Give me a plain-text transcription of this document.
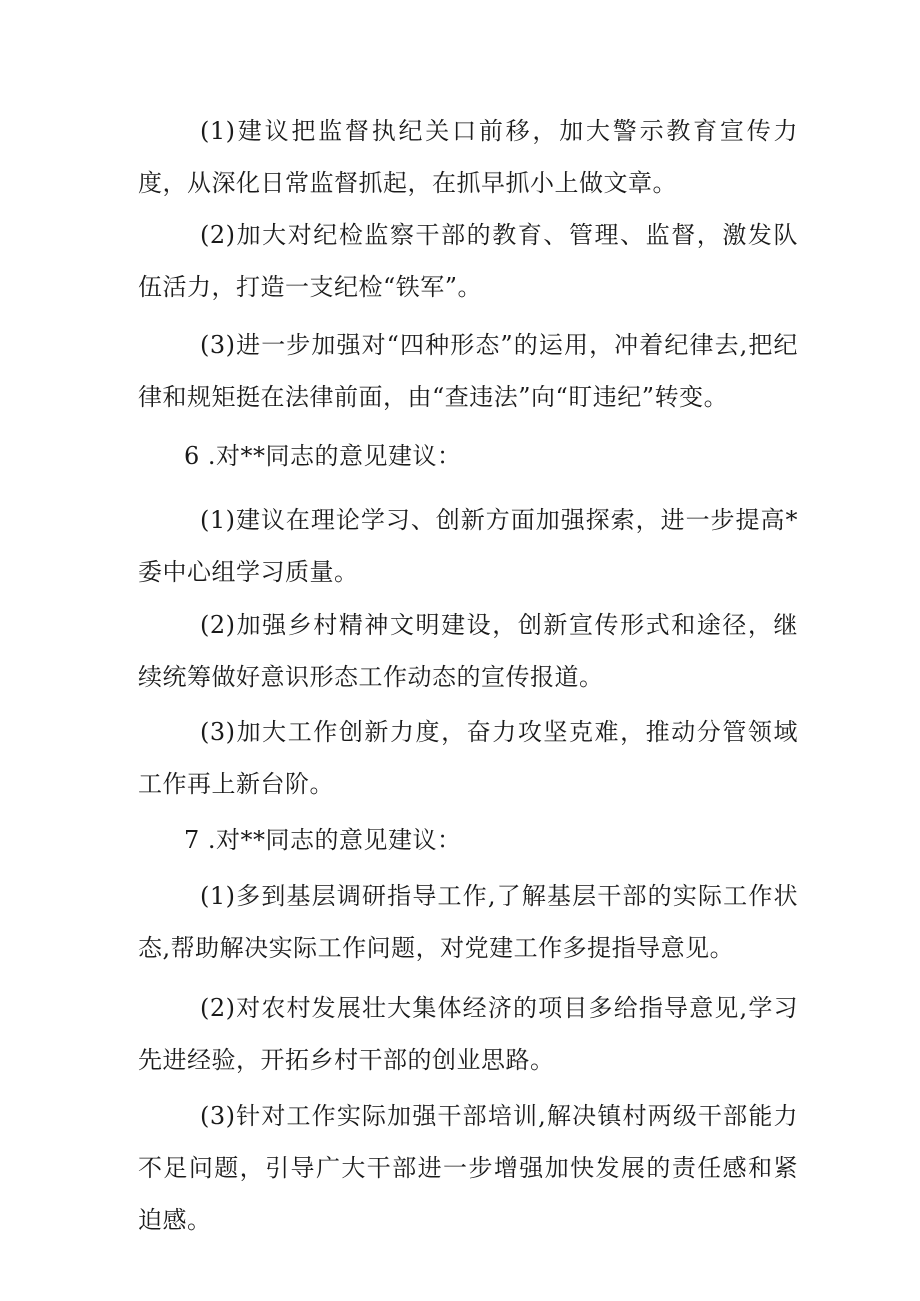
(1)建议把监督执纪关口前移，加大警示教育宣传力度，从深化日常监督抓起，在抓早抓小上做文章。

(2)加大对纪检监察干部的教育、管理、监督，激发队伍活力，打造一支纪检“铁军”。

(3)进一步加强对“四种形态”的运用，冲着纪律去,把纪律和规矩挺在法律前面，由“查违法”向“盯违纪”转变。

6 .对**同志的意见建议：

(1)建议在理论学习、创新方面加强探索，进一步提高*委中心组学习质量。

(2)加强乡村精神文明建设，创新宣传形式和途径，继续统筹做好意识形态工作动态的宣传报道。

(3)加大工作创新力度，奋力攻坚克难，推动分管领域工作再上新台阶。

7 .对**同志的意见建议：

(1)多到基层调研指导工作,了解基层干部的实际工作状态,帮助解决实际工作问题，对党建工作多提指导意见。

(2)对农村发展壮大集体经济的项目多给指导意见,学习先进经验，开拓乡村干部的创业思路。

(3)针对工作实际加强干部培训,解决镇村两级干部能力不足问题，引导广大干部进一步增强加快发展的责任感和紧迫感。
